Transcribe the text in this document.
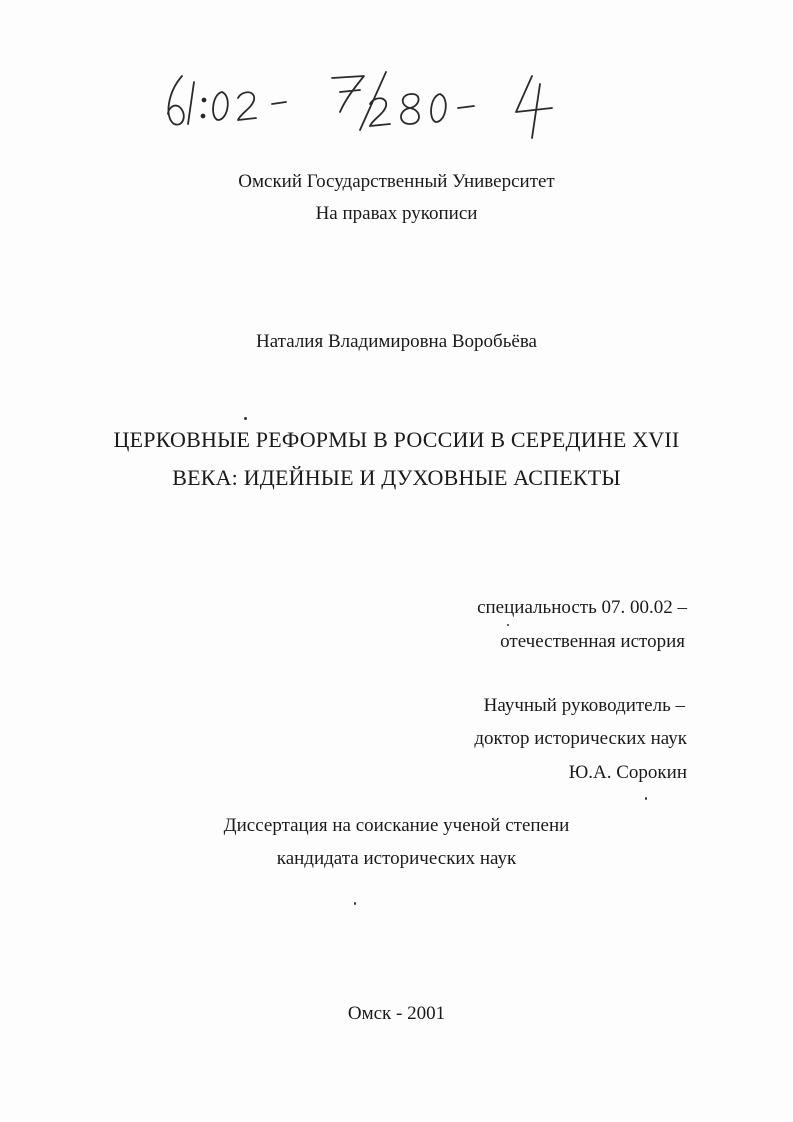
Омский Государственный Университет
На правах рукописи
Наталия Владимировна Воробьёва
ЦЕРКОВНЫЕ РЕФОРМЫ В РОССИИ В СЕРЕДИНЕ XVII
ВЕКА: ИДЕЙНЫЕ И ДУХОВНЫЕ АСПЕКТЫ
специальность 07. 00.02 –
отечественная история
Научный руководитель –
доктор исторических наук
Ю.А. Сорокин
Диссертация на соискание ученой степени
кандидата исторических наук
Омск - 2001
